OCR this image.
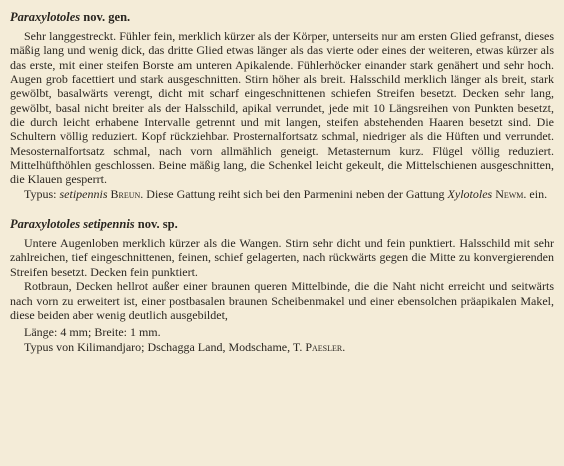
Paraxylotoles nov. gen.

Sehr langgestreckt. Fühler fein, merklich kürzer als der Körper, unterseits nur am ersten Glied gefranst, dieses mäßig lang und wenig dick, das dritte Glied etwas länger als das vierte oder eines der weiteren, etwas kürzer als das erste, mit einer steifen Borste am unteren Apikalende. Fühlerhöcker einander stark genähert und sehr hoch. Augen grob facettiert und stark ausgeschnitten. Stirn höher als breit. Halsschild merklich länger als breit, stark gewölbt, basalwärts verengt, dicht mit scharf eingeschnittenen schiefen Streifen besetzt. Decken sehr lang, gewölbt, basal nicht breiter als der Halsschild, apikal verrundet, jede mit 10 Längsreihen von Punkten besetzt, die durch leicht erhabene Intervalle getrennt und mit langen, steifen abstehenden Haaren besetzt sind. Die Schultern völlig reduziert. Kopf rückziehbar. Prosternalfortsatz schmal, niedriger als die Hüften und verrundet. Mesosternalfortsatz schmal, nach vorn allmählich geneigt. Metasternum kurz. Flügel völlig reduziert. Mittelhüfthöhlen geschlossen. Beine mäßig lang, die Schenkel leicht gekeult, die Mittelschienen ausgeschnitten, die Klauen gesperrt.

Typus: setipennis Breun. Diese Gattung reiht sich bei den Parmenini neben der Gattung Xylotoles Newm. ein.

Paraxylotoles setipennis nov. sp.

Untere Augenloben merklich kürzer als die Wangen. Stirn sehr dicht und fein punktiert. Halsschild mit sehr zahlreichen, tief eingeschnittenen, feinen, schief gelagerten, nach rückwärts gegen die Mitte zu konvergierenden Streifen besetzt. Decken fein punktiert.

Rotbraun, Decken hellrot außer einer braunen queren Mittelbinde, die die Naht nicht erreicht und seitwärts nach vorn zu erweitert ist, einer postbasalen braunen Scheibenmakel und einer ebensolchen präapikalen Makel, diese beiden aber wenig deutlich ausgebildet,

Länge: 4 mm; Breite: 1 mm.

Typus von Kilimandjaro; Dschagga Land, Modschame, T. Paesler.
